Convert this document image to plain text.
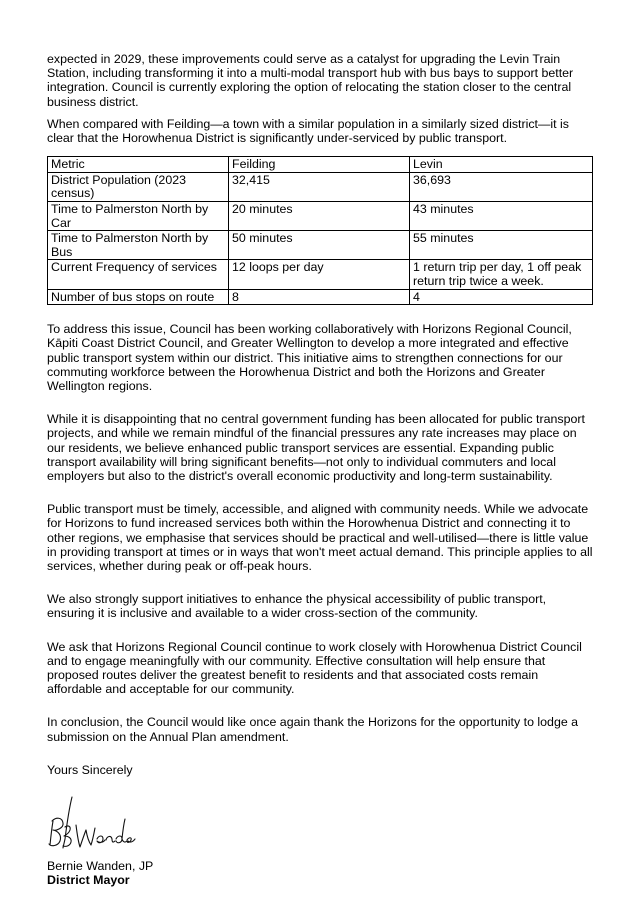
expected in 2029, these improvements could serve as a catalyst for upgrading the Levin Train Station, including transforming it into a multi-modal transport hub with bus bays to support better integration. Council is currently exploring the option of relocating the station closer to the central business district.

When compared with Feilding—a town with a similar population in a similarly sized district—it is clear that the Horowhenua District is significantly under-serviced by public transport.

Metric	Feilding	Levin
District Population (2023 census)	32,415	36,693
Time to Palmerston North by Car	20 minutes	43 minutes
Time to Palmerston North by Bus	50 minutes	55 minutes
Current Frequency of services	12 loops per day	1 return trip per day, 1 off peak return trip twice a week.
Number of bus stops on route	8	4

To address this issue, Council has been working collaboratively with Horizons Regional Council, Kāpiti Coast District Council, and Greater Wellington to develop a more integrated and effective public transport system within our district. This initiative aims to strengthen connections for our commuting workforce between the Horowhenua District and both the Horizons and Greater Wellington regions.

While it is disappointing that no central government funding has been allocated for public transport projects, and while we remain mindful of the financial pressures any rate increases may place on our residents, we believe enhanced public transport services are essential. Expanding public transport availability will bring significant benefits—not only to individual commuters and local employers but also to the district's overall economic productivity and long-term sustainability.

Public transport must be timely, accessible, and aligned with community needs. While we advocate for Horizons to fund increased services both within the Horowhenua District and connecting it to other regions, we emphasise that services should be practical and well-utilised—there is little value in providing transport at times or in ways that won't meet actual demand. This principle applies to all services, whether during peak or off-peak hours.

We also strongly support initiatives to enhance the physical accessibility of public transport, ensuring it is inclusive and available to a wider cross-section of the community.

We ask that Horizons Regional Council continue to work closely with Horowhenua District Council and to engage meaningfully with our community. Effective consultation will help ensure that proposed routes deliver the greatest benefit to residents and that associated costs remain affordable and acceptable for our community.

In conclusion, the Council would like once again thank the Horizons for the opportunity to lodge a submission on the Annual Plan amendment.

Yours Sincerely

Bernie Wanden, JP

District Mayor
